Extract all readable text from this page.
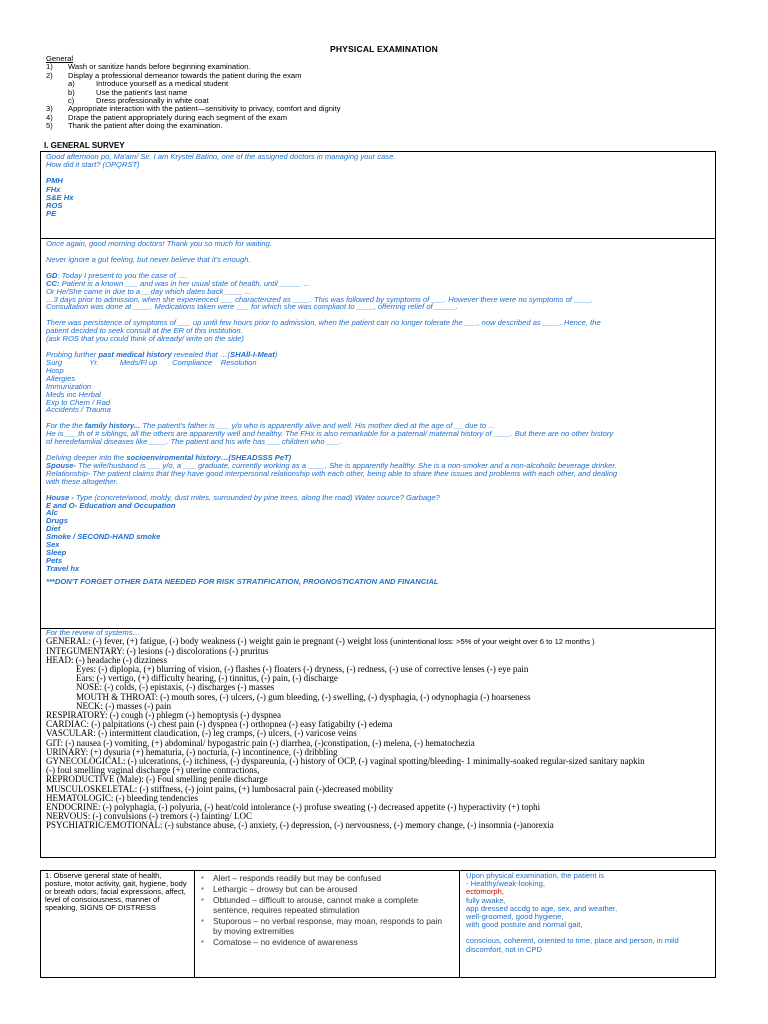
PHYSICAL EXAMINATION
General
1)	Wash or sanitize hands before beginning examination.
2)	Display a professional demeanor towards the patient during the exam
a)	Introduce yourself as a medical student
b)	Use the patient's last name
c)	Dress professionally in white coat
3)	Appropriate interaction with the patient—sensitivity to privacy, comfort and dignity
4)	Drape the patient appropriately during each segment of the exam
5)	Thank the patient after doing the examination.
I. GENERAL SURVEY
Good afternoon po, Ma'am/ Sir. I am Krystel Batino, one of the assigned doctors in managing your case.
How did it start? (OPQRST)
PMH
FHx
S&E Hx
ROS
PE
Once again, good morning doctors! Thank you so much for waiting.
Never ignore a gut feeling, but never believe that it's enough.
GD: Today I present to you the case of ….
CC: Patient is a known ___ and was in her usual state of health, until _____ …
Or He/She came in due to a __day which dates back ____ …
…3 days prior to admission, when she experienced ___ characterized as ____. This was followed by symptoms of ___. However there were no symptoms of ____.
Consultation was done at ____. Medications taken were ___ for which she was compliant to ____, offerring relief of _____.
There was persistence of symptoms of ___ up until few hours prior to admission, when the patient can no longer tolerate the ___, now described as ____. Hence, the
patient decided to seek consult at the ER of this institution.
(ask ROS that you could think of already/ write on the side)
Probing further past medical history revealed that …(SHAll-I-Meat)
Surg             Yr.          Meds/Fl up       Compliance    Resolution
Hosp
Allergies
Immunization
Meds inc Herbal
Exp to Chem / Rad
Accidents / Trauma
For the the family history... The patient's father is ___ y/o who is apparently alive and well. His mother died at the age of __ due to …
He is ___th of # siblings, all the others are apparently well and healthy. The FHx is also remarkable for a paternal/ maternal history of ____. But there are no other history
of heredefamilial diseases like ____. The patient and his wife has ___ children who ___.
Delving deeper into the socioenviromental history…(SHEADSSS PeT)
Spouse- The wife/husband is ___ y/o, a ___ graduate, currently working as a ____. She is apparently healthy. She is a non-smoker and a non-alcoholic beverage drinker.
Relationship- The patient claims that they have good interpersonal relationship with each other, being able to share their issues and problems with each other, and dealing
with these altogether.
House - Type (concrete/wood, moldy, dust mites, surrounded by pine trees, along the road) Water source? Garbage?
E and O- Education and Occupation
Alc
Drugs
Diet
Smoke / SECOND-HAND smoke
Sex
Sleep
Pets
Travel hx
***DON'T FORGET OTHER DATA NEEDED FOR RISK STRATIFICATION, PROGNOSTICATION AND FINANCIAL
For the review of systems…
GENERAL: (-) fever, (+) fatigue, (-) body weakness (-) weight gain ie pregnant (-) weight loss (unintentional loss: >5% of your weight over 6 to 12 months )
INTEGUMENTARY: (-) lesions (-) discolorations (-) pruritus
HEAD: (-) headache (-) dizziness
Eyes: (-) diplopia, (+) blurring of vision, (-) flashes (-) floaters (-) dryness, (-) redness, (-) use of corrective lenses (-) eye pain
Ears: (-) vertigo, (+) difficulty hearing, (-) tinnitus, (-) pain, (-) discharge
NOSE: (-) colds, (-) epistaxis, (-) discharges (-) masses
MOUTH & THROAT: (-) mouth sores, (-) ulcers, (-) gum bleeding, (-) swelling, (-) dysphagia, (-) odynophagia (-) hoarseness
NECK: (-) masses (-) pain
RESPIRATORY: (-) cough (-) phlegm (-) hemoptysis (-) dyspnea
CARDIAC: (-) palpitations (-) chest pain (-) dyspnea (-) orthopnea (-) easy fatigabilty (-) edema
VASCULAR: (-) intermittent claudication, (-) leg cramps, (-) ulcers, (-) varicose veins
GIT: (-) nausea (-) vomiting, (+) abdominal/ hypogastric pain (-) diarrhea, (-)constipation, (-) melena, (-) hematochezia
URINARY: (+) dysuria (+) hematuria, (-) nocturia, (-) incontinence, (-) dribbling
GYNECOLOGICAL: (-) ulcerations, (-) itchiness, (-) dyspareunia, (-) history of OCP, (-) vaginal spotting/bleeding- 1 minimally-soaked regular-sized sanitary napkin
(-) foul smelling vaginal discharge (+) uterine contractions,
REPRODUCTIVE (Male): (-) Foul smelling penile discharge
MUSCULOSKELETAL: (-) stiffness, (-) joint pains, (+) lumbosacral pain (-)decreased mobility
HEMATOLOGIC: (-) bleeding tendencies
ENDOCRINE: (-) polyphagia, (-) polyuria, (-) heat/cold intolerance (-) profuse sweating (-) decreased appetite (-) hyperactivity (+) tophi
NERVOUS: (-) convulsions (-) tremors (-) fainting/ LOC
PSYCHIATRIC/EMOTIONAL: (-) substance abuse, (-) anxiety, (-) depression, (-) nervousness, (-) memory change, (-) insomnia (-)anorexia
1. Observe general state of health, posture, motor activity, gait, hygiene, body or breath odors, facial expressions, affect, level of consciousness, manner of speaking, SIGNS OF DISTRESS
▪	Alert – responds readily but may be confused
▪	Lethargic – drowsy but can be aroused
▪	Obtunded – difficult to arouse, cannot make a complete sentence, requires repeated stimulation
▪	Stuporous – no verbal response, may moan, responds to pain by moving extremities
▪	Comatose – no evidence of awareness
Upon physical examination, the patient is
- Healthy/weak-looking,
ectomorph,
fully awake,
app dressed accdg to age, sex, and weather,
well-groomed, good hygiene,
with good posture and normal gait,
conscious, coherent, oriented to time, place and person, in mild discomfort, not in CPD
